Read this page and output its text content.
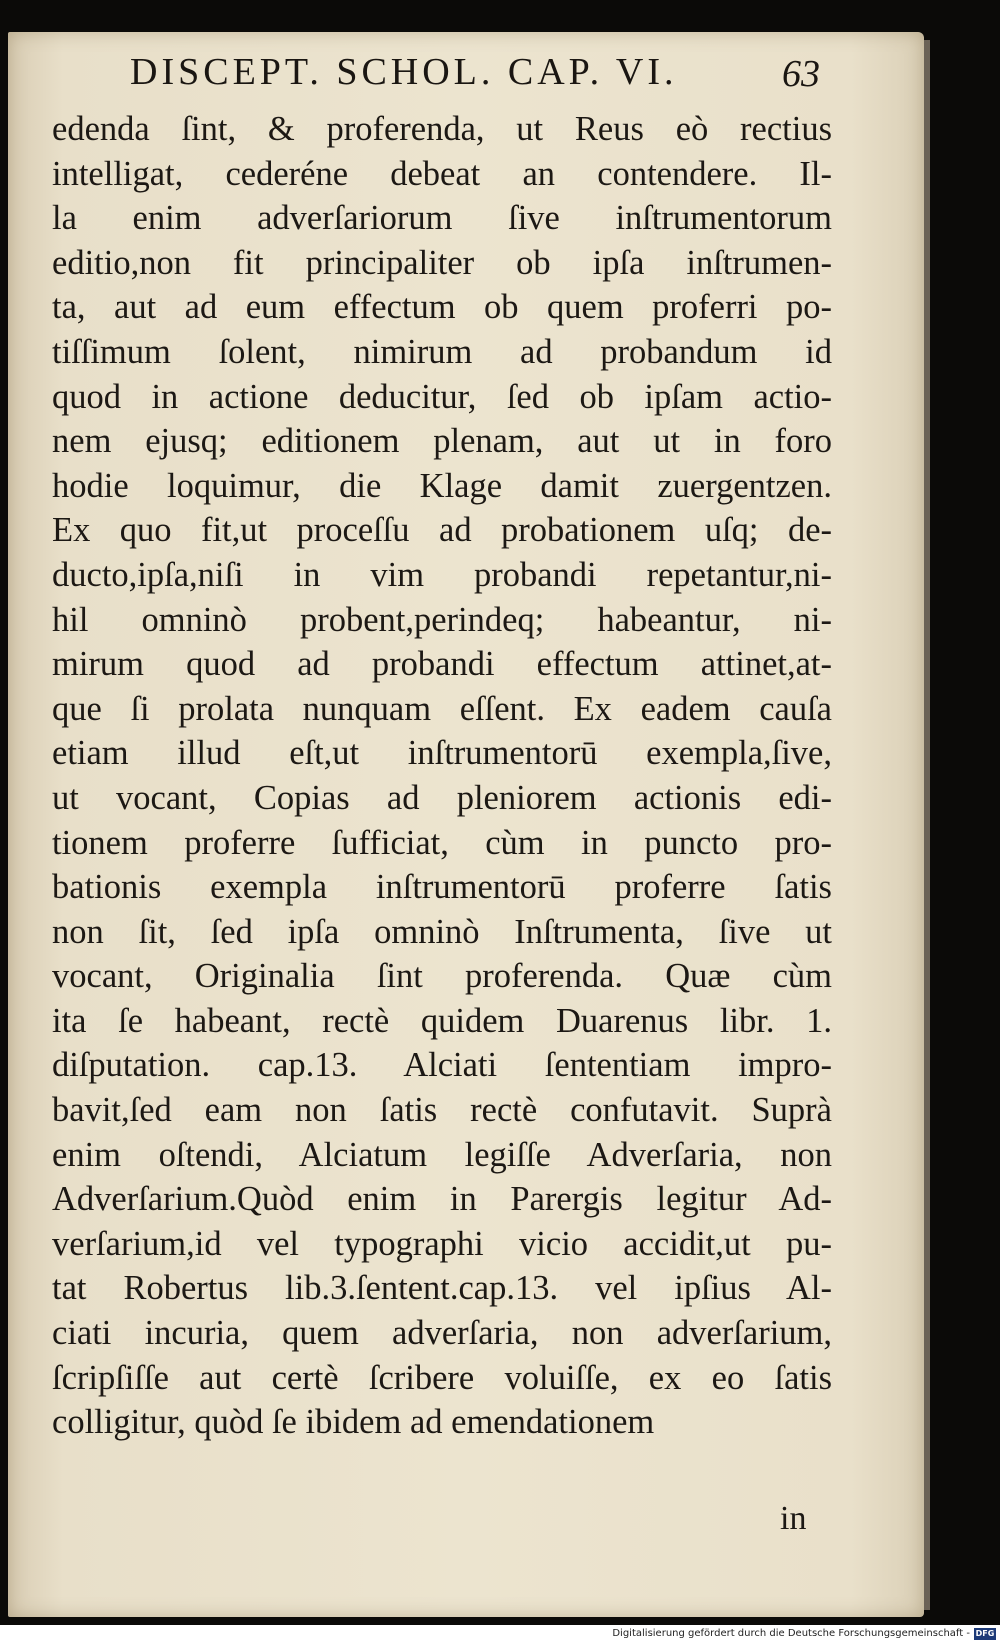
DISCEPT. SCHOL. CAP. VI.	63
edenda ſint, & proferenda, ut Reus eò rectius
intelligat, cederéne debeat an contendere. Il-
la enim adverſariorum ſive inſtrumentorum
editio,non fit principaliter ob ipſa inſtrumen-
ta, aut ad eum effectum ob quem proferri po-
tiſſimum ſolent, nimirum ad probandum id
quod in actione deducitur, ſed ob ipſam actio-
nem ejusq; editionem plenam, aut ut in foro
hodie loquimur, die Klage damit zuergentzen.
Ex quo fit,ut proceſſu ad probationem uſq; de-
ducto,ipſa,niſi in vim probandi repetantur,ni-
hil omninò probent,perindeq; habeantur, ni-
mirum quod ad probandi effectum attinet,at-
que ſi prolata nunquam eſſent. Ex eadem cauſa
etiam illud eſt,ut inſtrumentorū exempla,ſive,
ut vocant, Copias ad pleniorem actionis edi-
tionem proferre ſufficiat, cùm in puncto pro-
bationis exempla inſtrumentorū proferre ſatis
non ſit, ſed ipſa omninò Inſtrumenta, ſive ut
vocant, Originalia ſint proferenda. Quæ cùm
ita ſe habeant, rectè quidem Duarenus libr. 1.
diſputation. cap.13. Alciati ſententiam impro-
bavit,ſed eam non ſatis rectè confutavit. Suprà
enim oſtendi, Alciatum legiſſe Adverſaria, non
Adverſarium.Quòd enim in Parergis legitur Ad-
verſarium,id vel typographi vicio accidit,ut pu-
tat Robertus lib.3.ſentent.cap.13. vel ipſius Al-
ciati incuria, quem adverſaria, non adverſarium,
ſcripſiſſe aut certè ſcribere voluiſſe, ex eo ſatis
colligitur, quòd ſe ibidem ad emendationem
in
Digitalisierung gefördert durch die Deutsche Forschungsgemeinschaft - DFG
